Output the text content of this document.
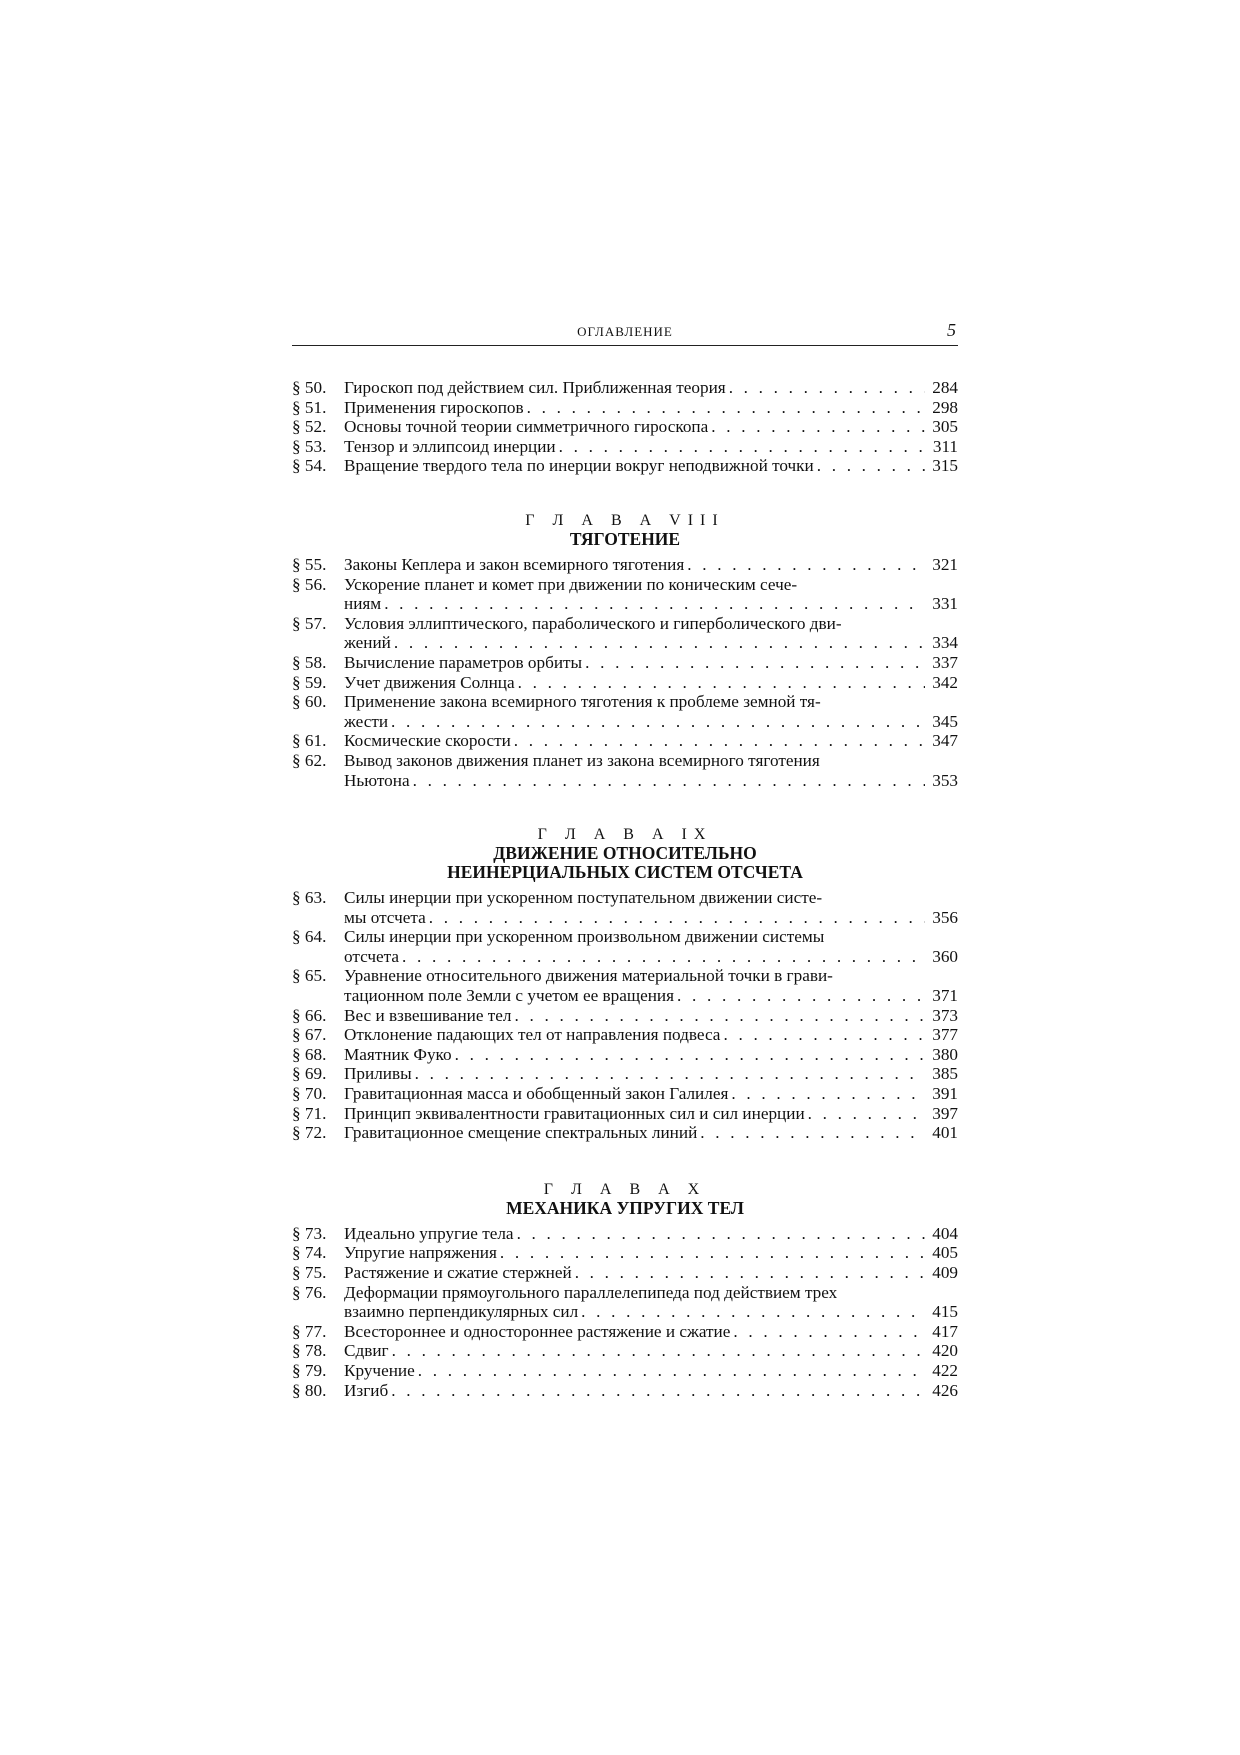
ОГЛАВЛЕНИЕ	5
§ 50.	Гироскоп под действием сил. Приближенная теория . . .	284
§ 51.	Применения гироскопов . . .	298
§ 52.	Основы точной теории симметричного гироскопа . . .	305
§ 53.	Тензор и эллипсоид инерции . . .	311
§ 54.	Вращение твердого тела по инерции вокруг неподвижной точки . . .	315
Г Л А В А VIII
ТЯГОТЕНИЕ
§ 55.	Законы Кеплера и закон всемирного тяготения . . .	321
§ 56.	Ускорение планет и комет при движении по коническим сече-
ниям . . .	331
§ 57.	Условия эллиптического, параболического и гиперболического дви-
жений . . .	334
§ 58.	Вычисление параметров орбиты . . .	337
§ 59.	Учет движения Солнца . . .	342
§ 60.	Применение закона всемирного тяготения к проблеме земной тя-
жести . . .	345
§ 61.	Космические скорости . . .	347
§ 62.	Вывод законов движения планет из закона всемирного тяготения
Ньютона . . .	353
Г Л А В А IX
ДВИЖЕНИЕ ОТНОСИТЕЛЬНО
НЕИНЕРЦИАЛЬНЫХ СИСТЕМ ОТСЧЕТА
§ 63.	Силы инерции при ускоренном поступательном движении систе-
мы отсчета . . .	356
§ 64.	Силы инерции при ускоренном произвольном движении системы
отсчета . . .	360
§ 65.	Уравнение относительного движения материальной точки в грави-
тационном поле Земли с учетом ее вращения . . .	371
§ 66.	Вес и взвешивание тел . . .	373
§ 67.	Отклонение падающих тел от направления подвеса . . .	377
§ 68.	Маятник Фуко . . .	380
§ 69.	Приливы . . .	385
§ 70.	Гравитационная масса и обобщенный закон Галилея . . .	391
§ 71.	Принцип эквивалентности гравитационных сил и сил инерции . . .	397
§ 72.	Гравитационное смещение спектральных линий . . .	401
Г Л А В А X
МЕХАНИКА УПРУГИХ ТЕЛ
§ 73.	Идеально упругие тела . . .	404
§ 74.	Упругие напряжения . . .	405
§ 75.	Растяжение и сжатие стержней . . .	409
§ 76.	Деформации прямоугольного параллелепипеда под действием трех
взаимно перпендикулярных сил . . .	415
§ 77.	Всестороннее и одностороннее растяжение и сжатие . . .	417
§ 78.	Сдвиг . . .	420
§ 79.	Кручение . . .	422
§ 80.	Изгиб . . .	426
